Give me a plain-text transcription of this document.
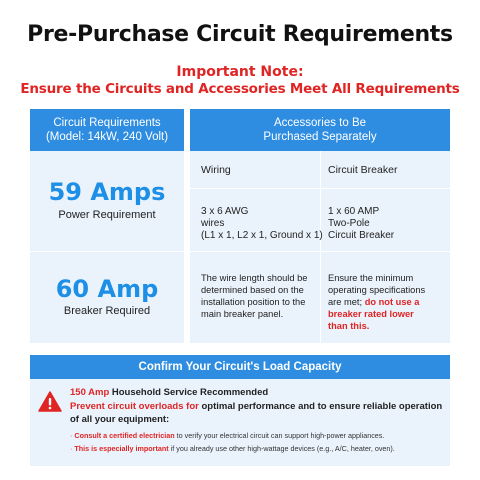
Pre-Purchase Circuit Requirements
Important Note:
Ensure the Circuits and Accessories Meet All Requirements
Circuit Requirements
(Model: 14kW, 240 Volt)
59 Amps
Power Requirement
60 Amp
Breaker Required
Accessories to Be
Purchased Separately
Wiring	Circuit Breaker
3 x 6 AWG
wires
(L1 x 1, L2 x 1, Ground x 1)
1 x 60 AMP
Two-Pole
Circuit Breaker
The wire length should be
determined based on the
installation position to the
main breaker panel.
Ensure the minimum
operating specifications
are met; do not use a
breaker rated lower
than this.
Confirm Your Circuit's Load Capacity
150 Amp Household Service Recommended
Prevent circuit overloads for optimal performance and to ensure reliable operation
of all your equipment:
· Consult a certified electrician to verify your electrical circuit can support high-power appliances.
· This is especially important if you already use other high-wattage devices (e.g., A/C, heater, oven).
